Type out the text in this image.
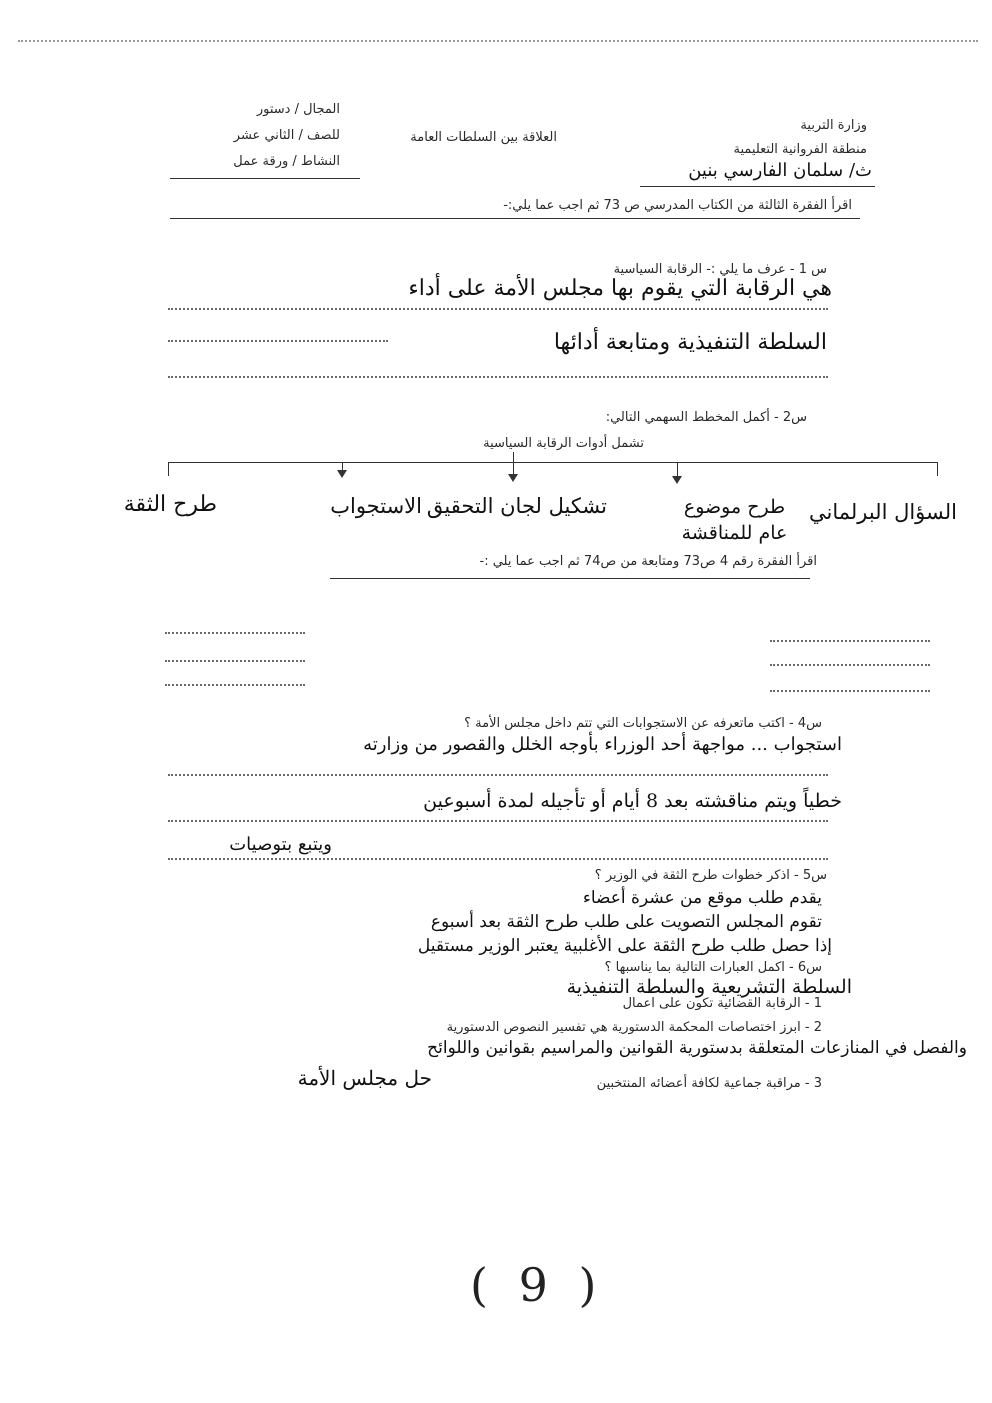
وزارة التربية
منطقة الفروانية التعليمية
ث/ سلمان الفارسي بنين
العلاقة بين السلطات العامة
المجال / دستور
للصف / الثاني عشر
النشاط / ورقة عمل
اقرأ الفقرة الثالثة من الكتاب المدرسي ص 73 ثم اجب عما يلي:-
س 1 - عرف ما يلي :- الرقابة السياسية
هي الرقابة التي يقوم بها مجلس الأمة على أداء
السلطة التنفيذية ومتابعة أدائها
س2 - أكمل المخطط السهمي التالي:
تشمل أدوات الرقابة السياسية
السؤال البرلماني
طرح موضوع عام للمناقشة
تشكيل لجان التحقيق
الاستجواب
طرح الثقة
اقرأ الفقرة رقم 4 ص73 ومتابعة من ص74 ثم اجب عما يلي :-
س4 - اكتب ماتعرفه عن الاستجوابات التي تتم داخل مجلس الأمة ؟
استجواب ... مواجهة أحد الوزراء بأوجه الخلل والقصور من وزارته
خطياً ويتم مناقشته بعد 8 أيام أو تأجيله لمدة أسبوعين
ويتبع بتوصيات
س5 - اذكر خطوات طرح الثقة في الوزير ؟
يقدم طلب موقع من عشرة أعضاء
تقوم المجلس التصويت على طلب طرح الثقة بعد أسبوع
إذا حصل طلب طرح الثقة على الأغلبية يعتبر الوزير مستقيل
س6 - اكمل العبارات التالية بما يناسبها ؟
السلطة التشريعية والسلطة التنفيذية
1 - الرقابة القضائية تكون على اعمال
2 - ابرز اختصاصات المحكمة الدستورية هي تفسير النصوص الدستورية
والفصل في المنازعات المتعلقة بدستورية القوانين والمراسيم بقوانين واللوائح
حل مجلس الأمة	3 - مراقبة جماعية لكافة أعضائه المنتخبين
( 9 )
